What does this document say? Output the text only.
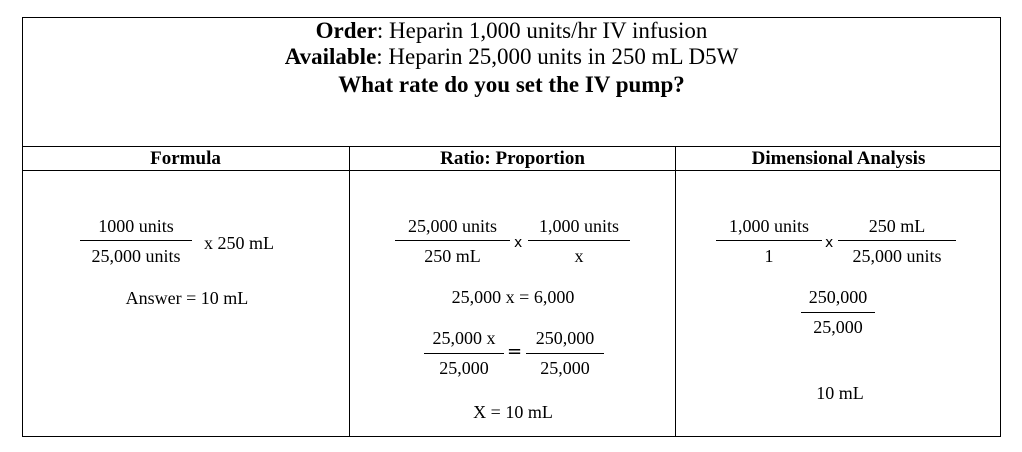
Order: Heparin 1,000 units/hr IV infusion
Available: Heparin 25,000 units in 250 mL D5W
What rate do you set the IV pump?
Formula	Ratio: Proportion	Dimensional Analysis
1000 units
25,000 units
x 250 mL
Answer = 10 mL
25,000 units
250 mL
x
1,000 units
x
25,000 x = 6,000
25,000 x
25,000
=
250,000
25,000
X = 10 mL
1,000 units
1
x
250 mL
25,000 units
250,000
25,000
10 mL
